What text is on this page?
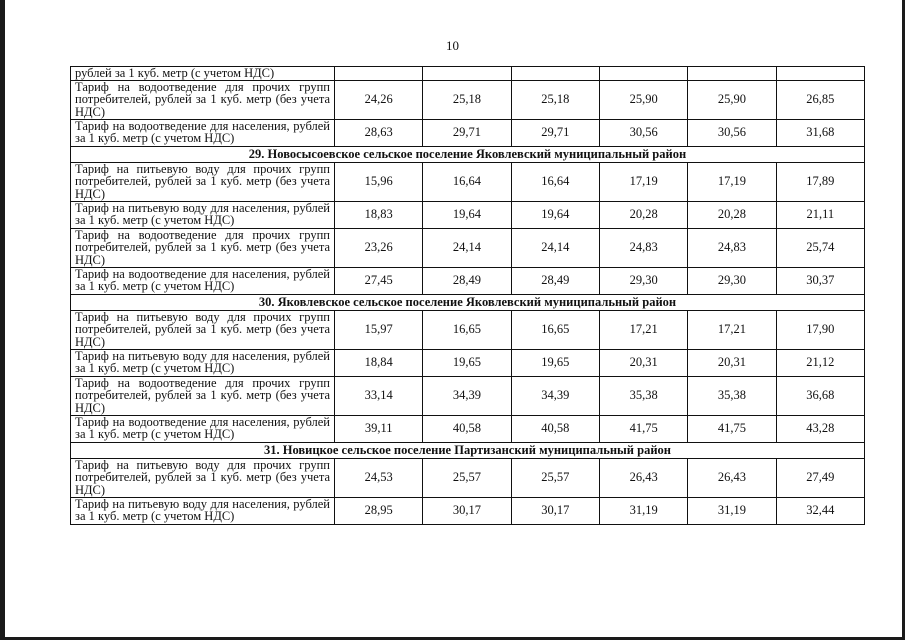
10
рублей за 1 куб. метр (с учетом НДС)						
Тариф на водоотведение для прочих групп потребителей, рублей за 1 куб. метр (без учета НДС)	24,26	25,18	25,18	25,90	25,90	26,85
Тариф на водоотведение для населения, рублей за 1 куб. метр (с учетом НДС)	28,63	29,71	29,71	30,56	30,56	31,68
29. Новосысоевское сельское поселение Яковлевский муниципальный район						
Тариф на питьевую воду для прочих групп потребителей, рублей за 1 куб. метр (без учета НДС)	15,96	16,64	16,64	17,19	17,19	17,89
Тариф на питьевую воду для населения, рублей за 1 куб. метр (с учетом НДС)	18,83	19,64	19,64	20,28	20,28	21,11
Тариф на водоотведение для прочих групп потребителей, рублей за 1 куб. метр (без учета НДС)	23,26	24,14	24,14	24,83	24,83	25,74
Тариф на водоотведение для населения, рублей за 1 куб. метр (с учетом НДС)	27,45	28,49	28,49	29,30	29,30	30,37
30. Яковлевское сельское поселение Яковлевский муниципальный район						
Тариф на питьевую воду для прочих групп потребителей, рублей за 1 куб. метр (без учета НДС)	15,97	16,65	16,65	17,21	17,21	17,90
Тариф на питьевую воду для населения, рублей за 1 куб. метр (с учетом НДС)	18,84	19,65	19,65	20,31	20,31	21,12
Тариф на водоотведение для прочих групп потребителей, рублей за 1 куб. метр (без учета НДС)	33,14	34,39	34,39	35,38	35,38	36,68
Тариф на водоотведение для населения, рублей за 1 куб. метр (с учетом НДС)	39,11	40,58	40,58	41,75	41,75	43,28
31. Новицкое сельское поселение Партизанский муниципальный район						
Тариф на питьевую воду для прочих групп потребителей, рублей за 1 куб. метр (без учета НДС)	24,53	25,57	25,57	26,43	26,43	27,49
Тариф на питьевую воду для населения, рублей за 1 куб. метр (с учетом НДС)	28,95	30,17	30,17	31,19	31,19	32,44
